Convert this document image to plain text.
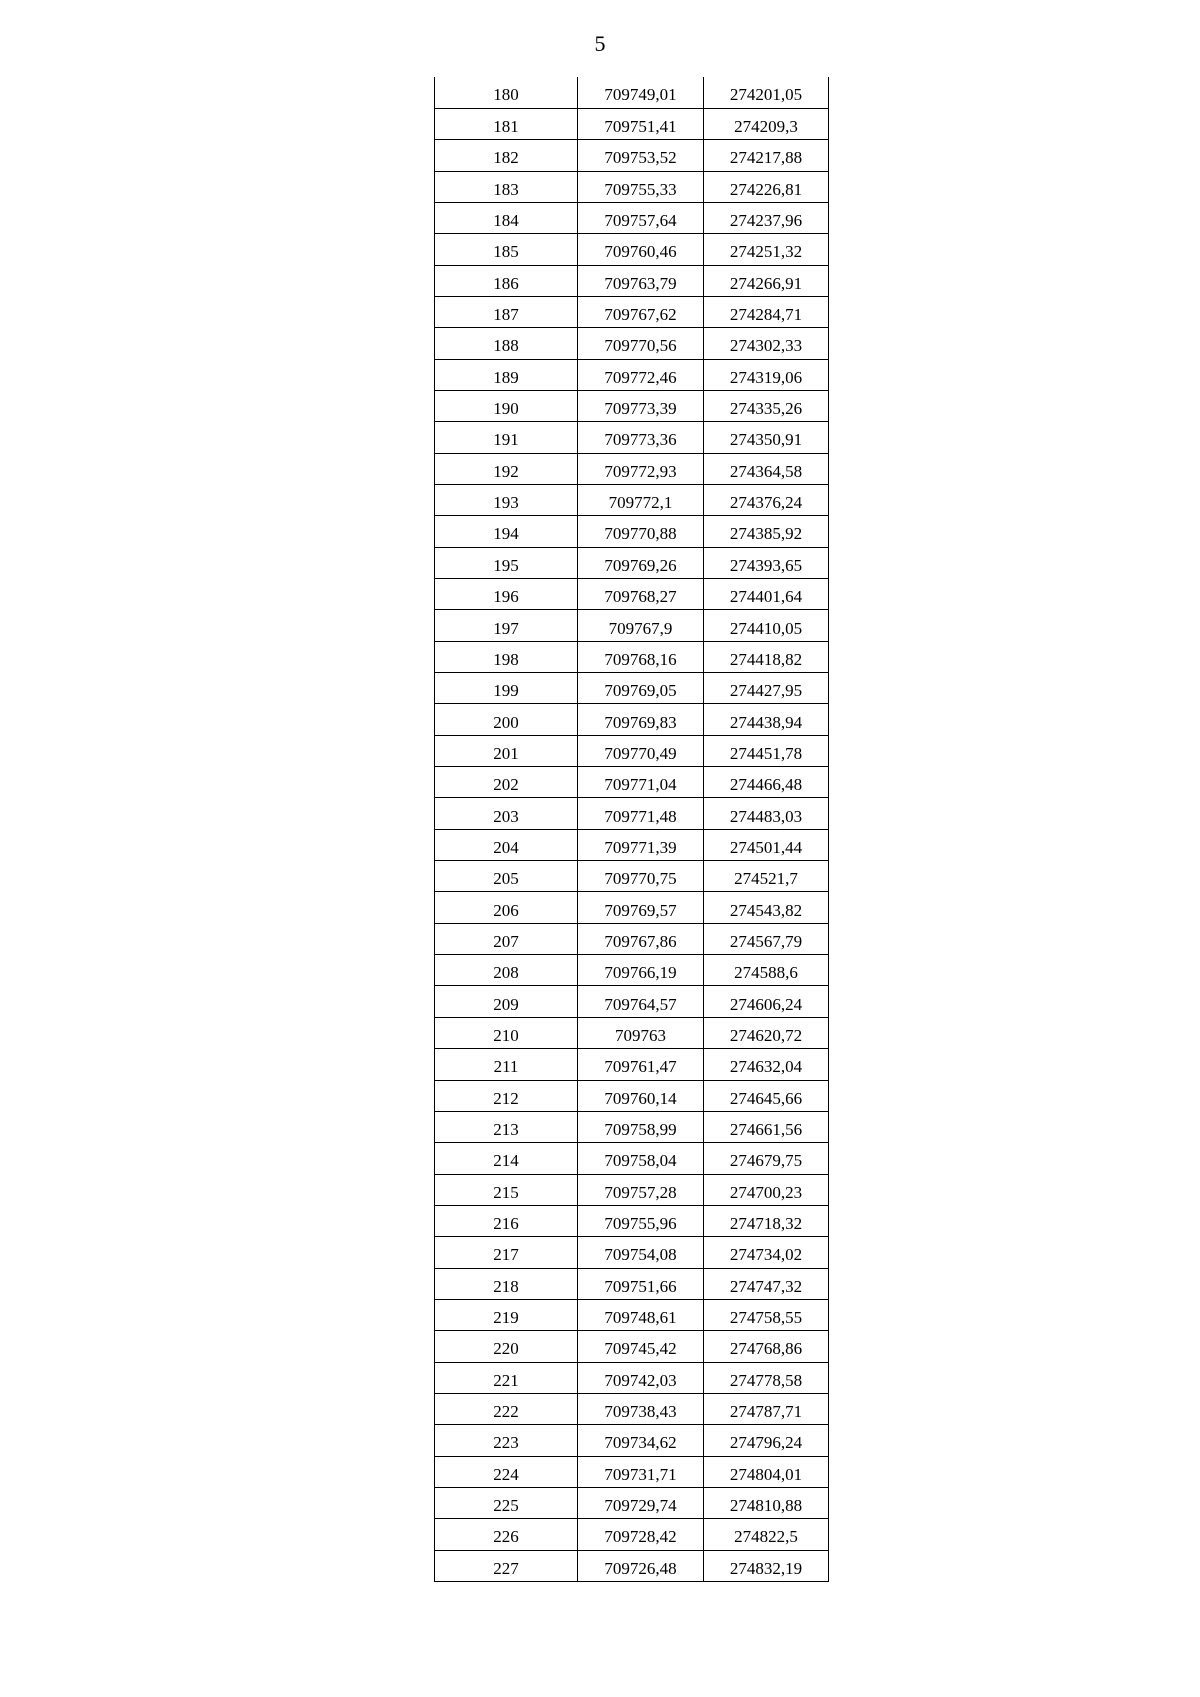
5
180	709749,01	274201,05
181	709751,41	274209,3
182	709753,52	274217,88
183	709755,33	274226,81
184	709757,64	274237,96
185	709760,46	274251,32
186	709763,79	274266,91
187	709767,62	274284,71
188	709770,56	274302,33
189	709772,46	274319,06
190	709773,39	274335,26
191	709773,36	274350,91
192	709772,93	274364,58
193	709772,1	274376,24
194	709770,88	274385,92
195	709769,26	274393,65
196	709768,27	274401,64
197	709767,9	274410,05
198	709768,16	274418,82
199	709769,05	274427,95
200	709769,83	274438,94
201	709770,49	274451,78
202	709771,04	274466,48
203	709771,48	274483,03
204	709771,39	274501,44
205	709770,75	274521,7
206	709769,57	274543,82
207	709767,86	274567,79
208	709766,19	274588,6
209	709764,57	274606,24
210	709763	274620,72
211	709761,47	274632,04
212	709760,14	274645,66
213	709758,99	274661,56
214	709758,04	274679,75
215	709757,28	274700,23
216	709755,96	274718,32
217	709754,08	274734,02
218	709751,66	274747,32
219	709748,61	274758,55
220	709745,42	274768,86
221	709742,03	274778,58
222	709738,43	274787,71
223	709734,62	274796,24
224	709731,71	274804,01
225	709729,74	274810,88
226	709728,42	274822,5
227	709726,48	274832,19
